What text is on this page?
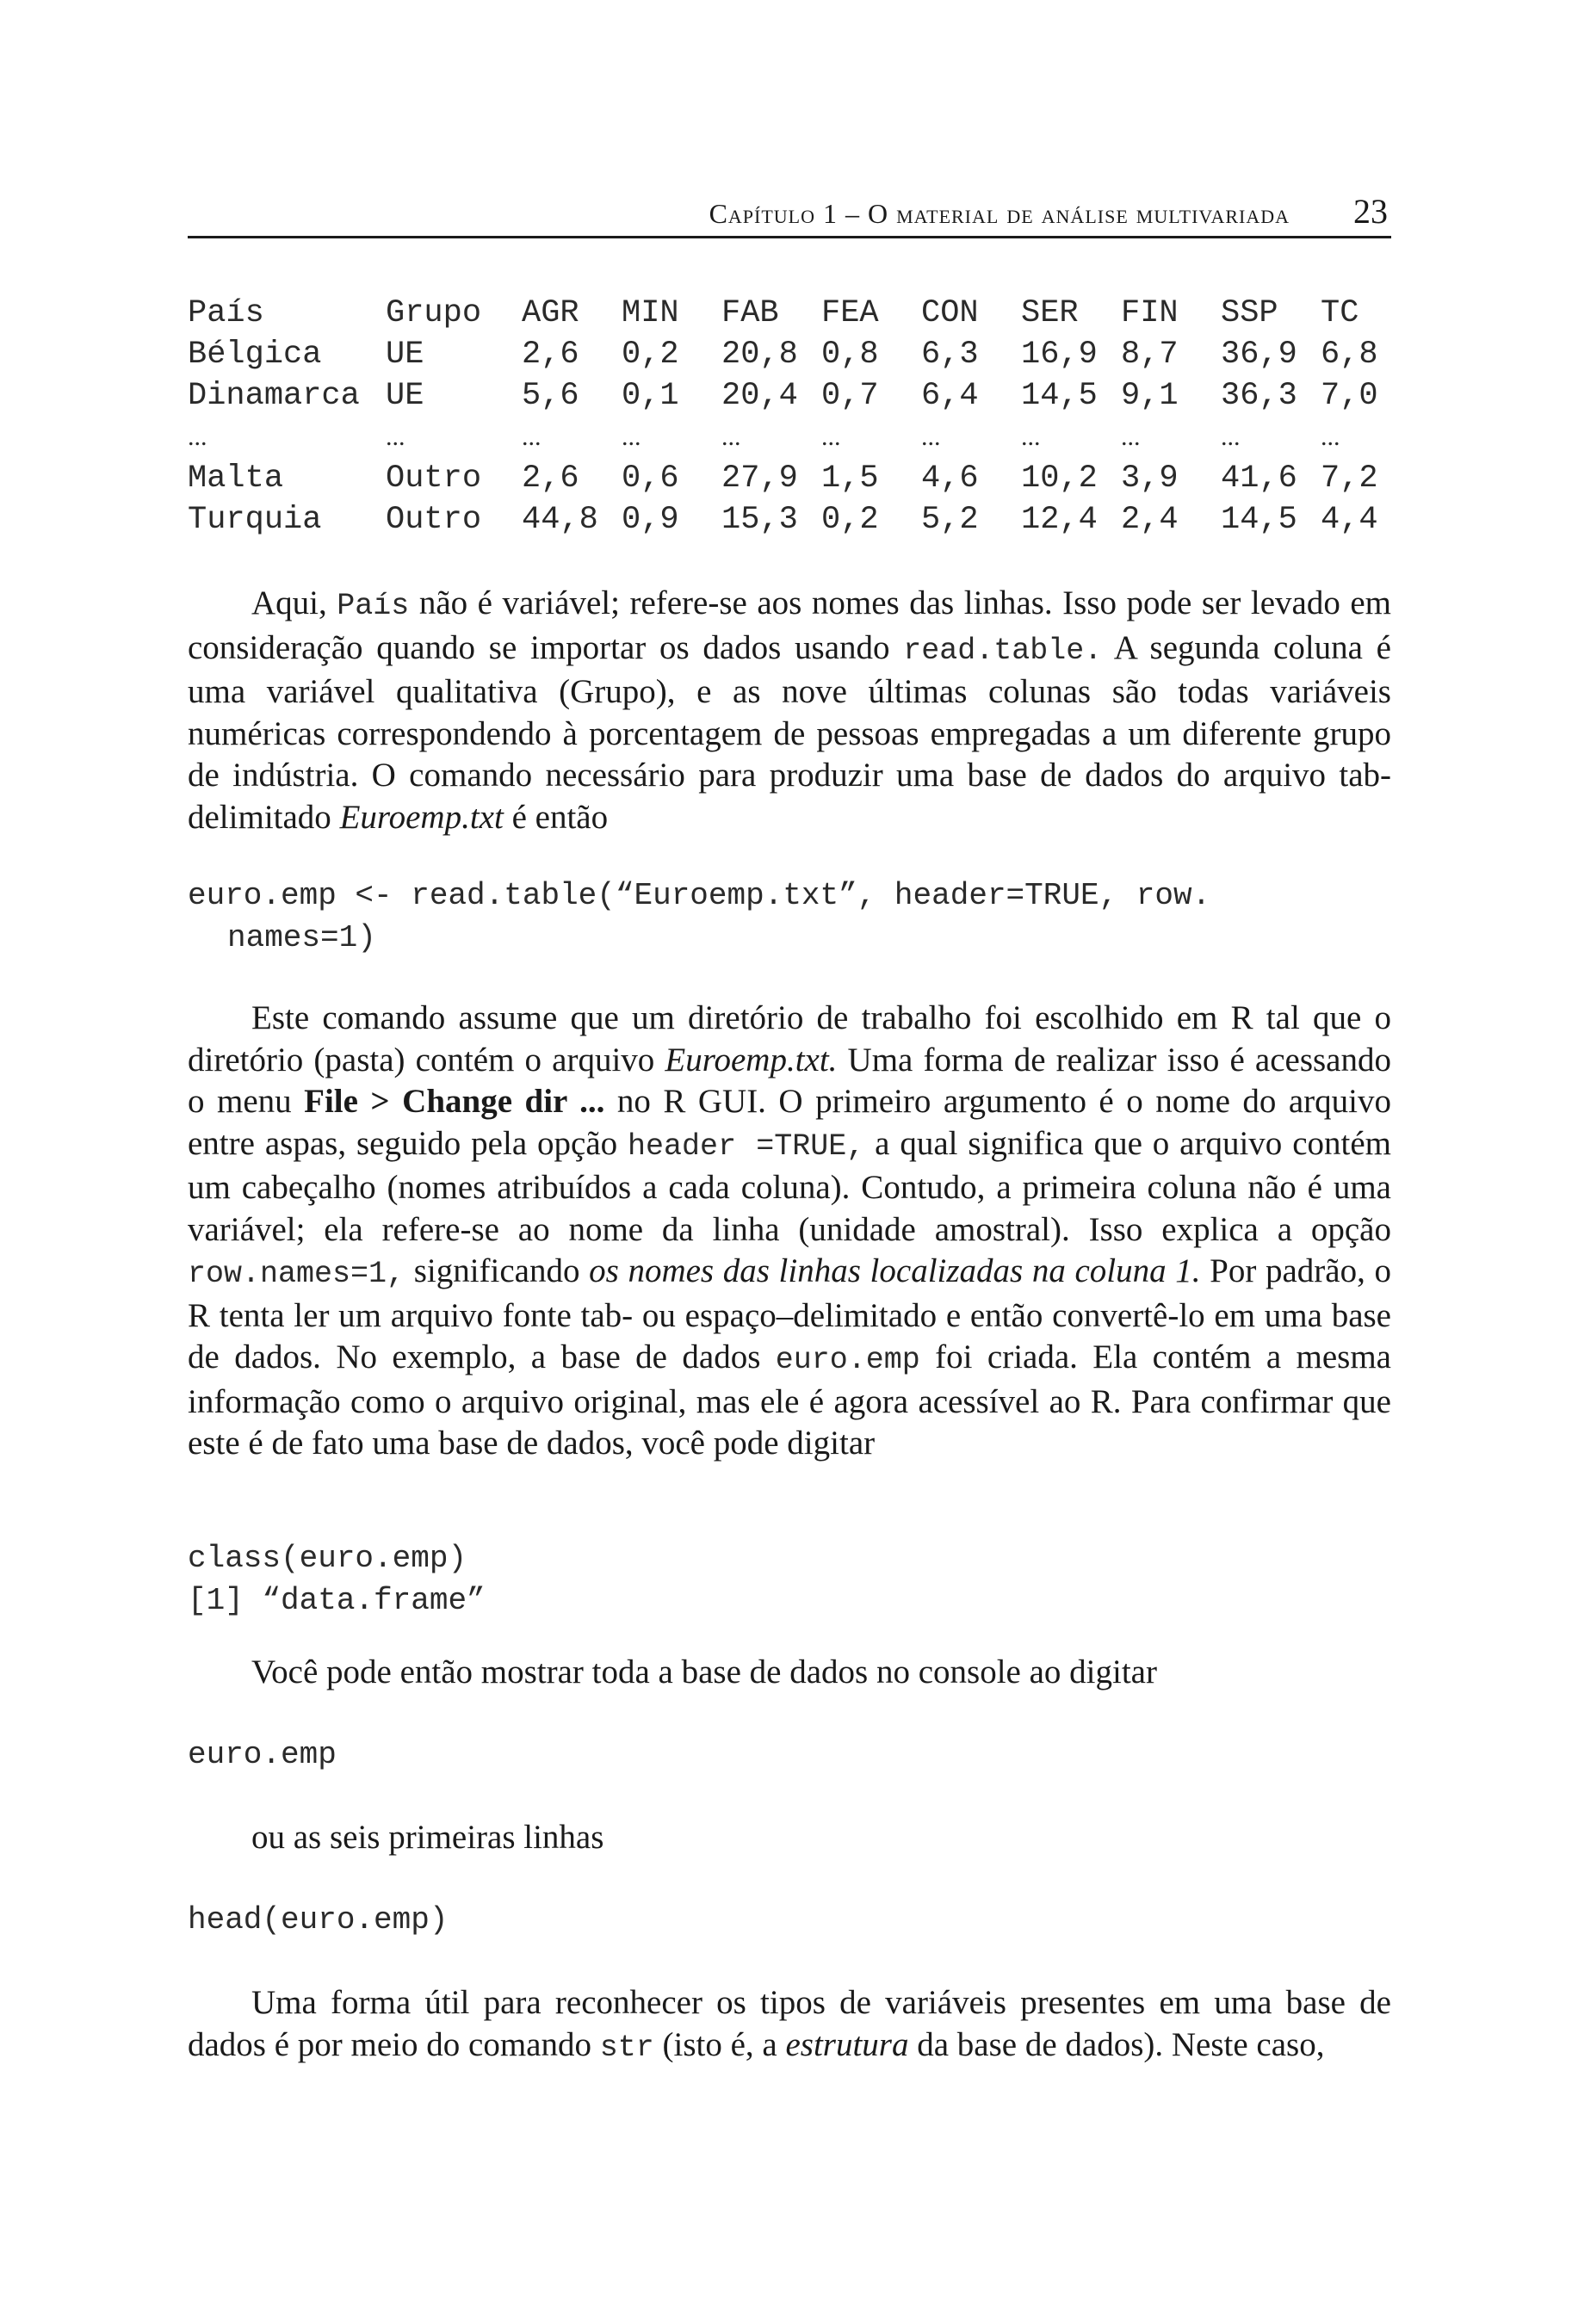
Capítulo 1 – O material de análise multivariada 23
País	Grupo	AGR	MIN	FAB	FEA	CON	SER	FIN	SSP	TC
Bélgica	UE	2,6	0,2	20,8	0,8	6,3	16,9	8,7	36,9	6,8
Dinamarca	UE	5,6	0,1	20,4	0,7	6,4	14,5	9,1	36,3	7,0
...	...	...	...	...	...	...	...	...	...	...
Malta	Outro	2,6	0,6	27,9	1,5	4,6	10,2	3,9	41,6	7,2
Turquia	Outro	44,8	0,9	15,3	0,2	5,2	12,4	2,4	14,5	4,4

Aqui, País não é variável; refere-se aos nomes das linhas. Isso pode ser levado em consideração quando se importar os dados usando read.table. A segunda coluna é uma variável qualitativa (Grupo), e as nove últimas colunas são todas variáveis numéricas correspondendo à porcentagem de pessoas empregadas a um diferente grupo de indústria. O comando necessário para produzir uma base de dados do arquivo tab-delimitado Euroemp.txt é então

euro.emp <- read.table(“Euroemp.txt”, header=TRUE, row.
names=1)

Este comando assume que um diretório de trabalho foi escolhido em R tal que o diretório (pasta) contém o arquivo Euroemp.txt. Uma forma de realizar isso é acessando o menu File > Change dir ... no R GUI. O primeiro argumento é o nome do arquivo entre aspas, seguido pela opção header =TRUE, a qual significa que o arquivo contém um cabeçalho (nomes atribuídos a cada coluna). Contudo, a primeira coluna não é uma variável; ela refere-se ao nome da linha (unidade amostral). Isso explica a opção row.names=1, significando os nomes das linhas localizadas na coluna 1. Por padrão, o R tenta ler um arquivo fonte tab- ou espaço–delimitado e então convertê-lo em uma base de dados. No exemplo, a base de dados euro.emp foi criada. Ela contém a mesma informação como o arquivo original, mas ele é agora acessível ao R. Para confirmar que este é de fato uma base de dados, você pode digitar

class(euro.emp)
[1] “data.frame”

Você pode então mostrar toda a base de dados no console ao digitar

euro.emp

ou as seis primeiras linhas

head(euro.emp)

Uma forma útil para reconhecer os tipos de variáveis presentes em uma base de dados é por meio do comando str (isto é, a estrutura da base de dados). Neste caso,
